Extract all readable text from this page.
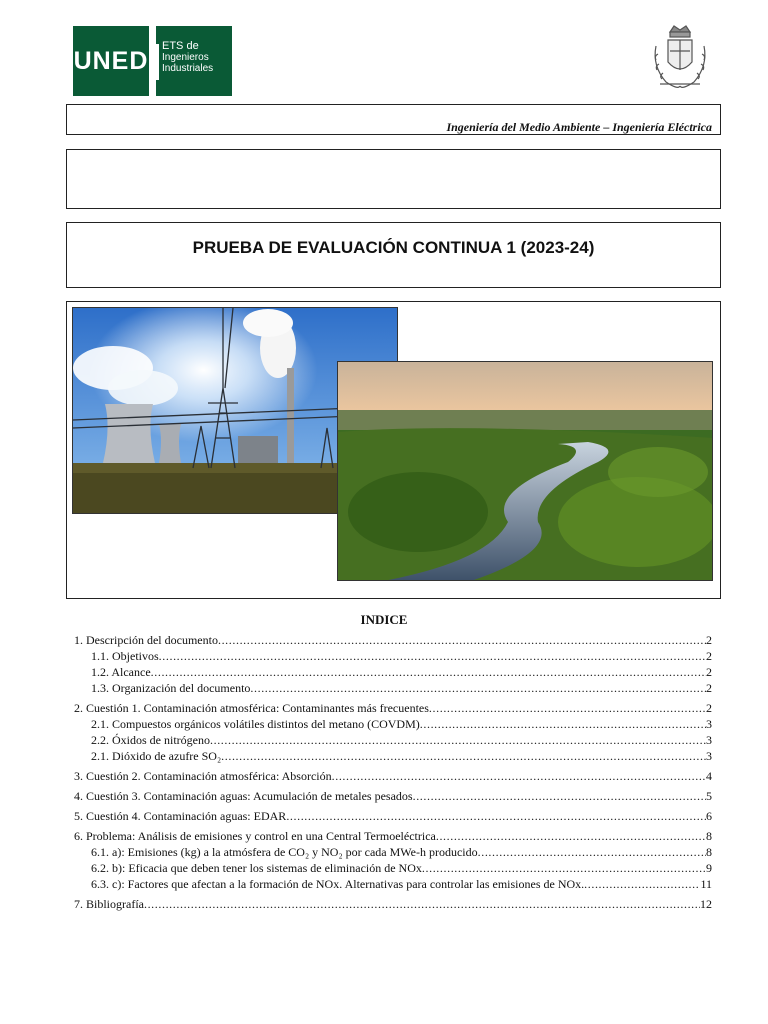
UNED
ETS de
Ingenieros
Industriales
Ingeniería del Medio Ambiente – Ingeniería Eléctrica
PRUEBA DE EVALUACIÓN CONTINUA 1 (2023-24)
INDICE
1. Descripción del documento .....	2
1.1. Objetivos .....	2
1.2. Alcance .....	2
1.3. Organización del documento .....	2
2. Cuestión 1. Contaminación atmosférica: Contaminantes más frecuentes .....	2
2.1. Compuestos orgánicos volátiles distintos del metano (COVDM) .....	3
2.2. Óxidos de nitrógeno .....	3
2.1. Dióxido de azufre SO₂ .....	3
3. Cuestión 2. Contaminación atmosférica: Absorción .....	4
4. Cuestión 3. Contaminación aguas: Acumulación de metales pesados .....	5
5. Cuestión 4. Contaminación aguas: EDAR .....	6
6. Problema: Análisis de emisiones y control en una Central Termoeléctrica .....	8
6.1. a): Emisiones (kg) a la atmósfera de CO₂ y NO₂ por cada MWe-h producido .....	8
6.2. b): Eficacia que deben tener los sistemas de eliminación de NOx .....	9
6.3. c): Factores que afectan a la formación de NOx. Alternativas para controlar las emisiones de NOx. .....	11
7. Bibliografía .....	12
